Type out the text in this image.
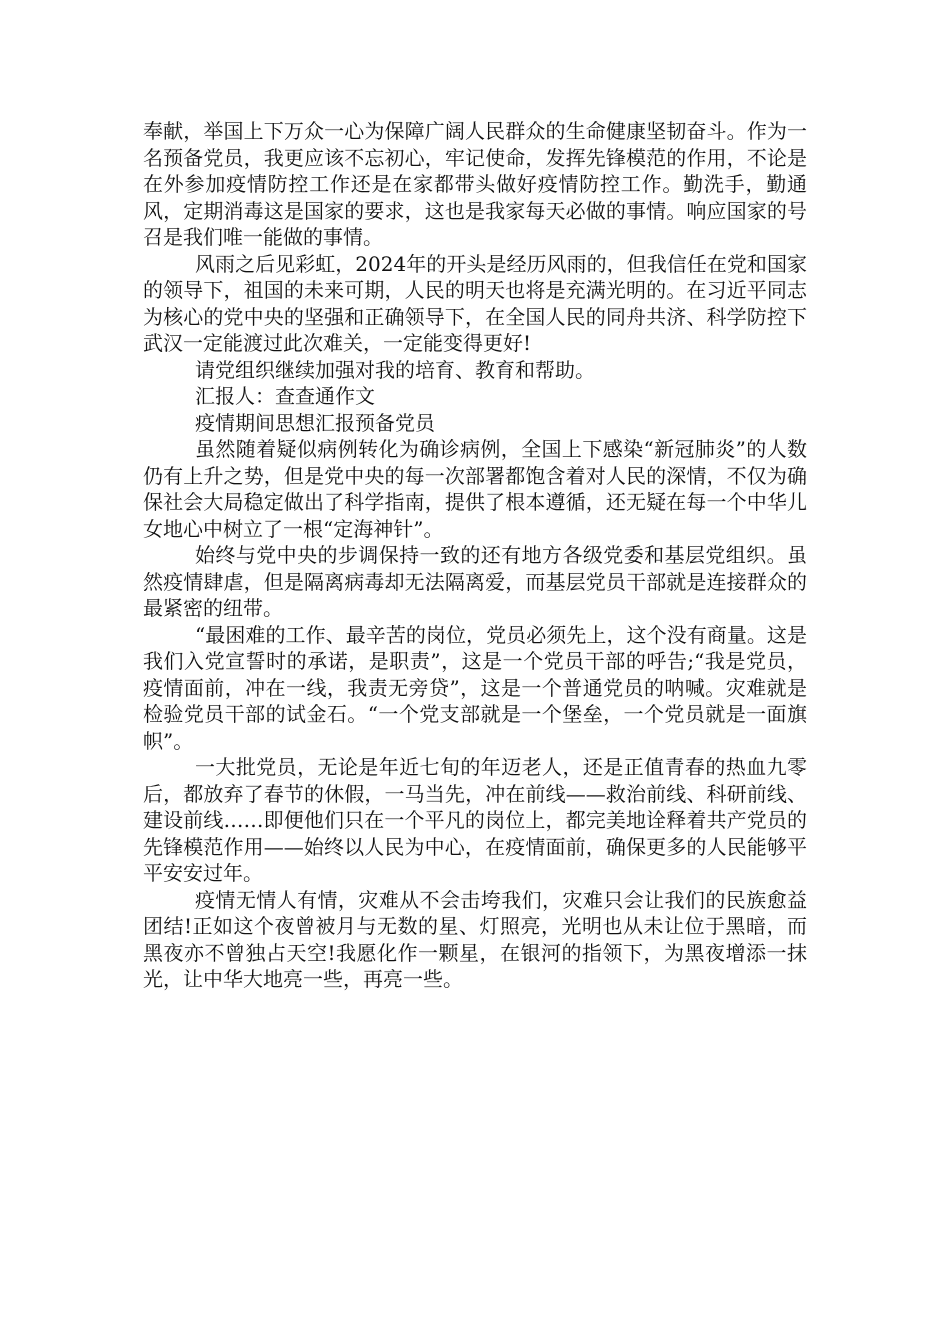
奉献，举国上下万众一心为保障广阔人民群众的生命健康坚韧奋斗。作为一名预备党员，我更应该不忘初心，牢记使命，发挥先锋模范的作用，不论是在外参加疫情防控工作还是在家都带头做好疫情防控工作。勤洗手，勤通风，定期消毒这是国家的要求，这也是我家每天必做的事情。响应国家的号召是我们唯一能做的事情。

风雨之后见彩虹，2024年的开头是经历风雨的，但我信任在党和国家的领导下，祖国的未来可期，人民的明天也将是充满光明的。在习近平同志为核心的党中央的坚强和正确领导下，在全国人民的同舟共济、科学防控下武汉一定能渡过此次难关，一定能变得更好!

请党组织继续加强对我的培育、教育和帮助。

汇报人：查查通作文

疫情期间思想汇报预备党员

虽然随着疑似病例转化为确诊病例，全国上下感染“新冠肺炎”的人数仍有上升之势，但是党中央的每一次部署都饱含着对人民的深情，不仅为确保社会大局稳定做出了科学指南，提供了根本遵循，还无疑在每一个中华儿女地心中树立了一根“定海神针”。

始终与党中央的步调保持一致的还有地方各级党委和基层党组织。虽然疫情肆虐，但是隔离病毒却无法隔离爱，而基层党员干部就是连接群众的最紧密的纽带。

“最困难的工作、最辛苦的岗位，党员必须先上，这个没有商量。这是我们入党宣誓时的承诺，是职责”，这是一个党员干部的呼告;“我是党员，疫情面前，冲在一线，我责无旁贷”，这是一个普通党员的呐喊。灾难就是检验党员干部的试金石。“一个党支部就是一个堡垒，一个党员就是一面旗帜”。

一大批党员，无论是年近七旬的年迈老人，还是正值青春的热血九零后，都放弃了春节的休假，一马当先，冲在前线——救治前线、科研前线、建设前线……即便他们只在一个平凡的岗位上，都完美地诠释着共产党员的先锋模范作用——始终以人民为中心，在疫情面前，确保更多的人民能够平平安安过年。

疫情无情人有情，灾难从不会击垮我们，灾难只会让我们的民族愈益团结!正如这个夜曾被月与无数的星、灯照亮，光明也从未让位于黑暗，而黑夜亦不曾独占天空!我愿化作一颗星，在银河的指领下，为黑夜增添一抹光，让中华大地亮一些，再亮一些。
